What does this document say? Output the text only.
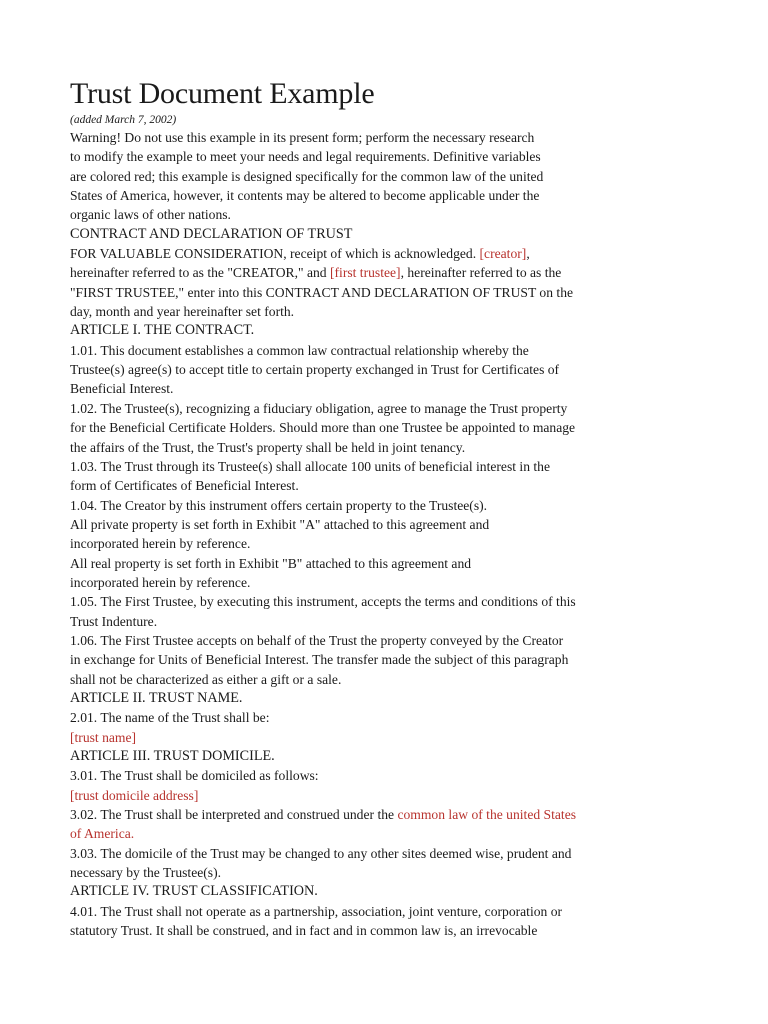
Trust Document Example
(added March 7, 2002)
Warning! Do not use this example in its present form; perform the necessary research
to modify the example to meet your needs and legal requirements. Definitive variables
are colored red; this example is designed specifically for the common law of the united
States of America, however, it contents may be altered to become applicable under the
organic laws of other nations.
CONTRACT AND DECLARATION OF TRUST
FOR VALUABLE CONSIDERATION, receipt of which is acknowledged. [creator],
hereinafter referred to as the "CREATOR," and [first trustee], hereinafter referred to as the
"FIRST TRUSTEE," enter into this CONTRACT AND DECLARATION OF TRUST on the
day, month and year hereinafter set forth.
ARTICLE I. THE CONTRACT.
1.01. This document establishes a common law contractual relationship whereby the
Trustee(s) agree(s) to accept title to certain property exchanged in Trust for Certificates of
Beneficial Interest.
1.02. The Trustee(s), recognizing a fiduciary obligation, agree to manage the Trust property
for the Beneficial Certificate Holders. Should more than one Trustee be appointed to manage
the affairs of the Trust, the Trust's property shall be held in joint tenancy.
1.03. The Trust through its Trustee(s) shall allocate 100 units of beneficial interest in the
form of Certificates of Beneficial Interest.
1.04. The Creator by this instrument offers certain property to the Trustee(s).
All private property is set forth in Exhibit "A" attached to this agreement and
incorporated herein by reference.
All real property is set forth in Exhibit "B" attached to this agreement and
incorporated herein by reference.
1.05. The First Trustee, by executing this instrument, accepts the terms and conditions of this
Trust Indenture.
1.06. The First Trustee accepts on behalf of the Trust the property conveyed by the Creator
in exchange for Units of Beneficial Interest. The transfer made the subject of this paragraph
shall not be characterized as either a gift or a sale.
ARTICLE II. TRUST NAME.
2.01. The name of the Trust shall be:
[trust name]
ARTICLE III. TRUST DOMICILE.
3.01. The Trust shall be domiciled as follows:
[trust domicile address]
3.02. The Trust shall be interpreted and construed under the common law of the united States
of America.
3.03. The domicile of the Trust may be changed to any other sites deemed wise, prudent and
necessary by the Trustee(s).
ARTICLE IV. TRUST CLASSIFICATION.
4.01. The Trust shall not operate as a partnership, association, joint venture, corporation or
statutory Trust. It shall be construed, and in fact and in common law is, an irrevocable
